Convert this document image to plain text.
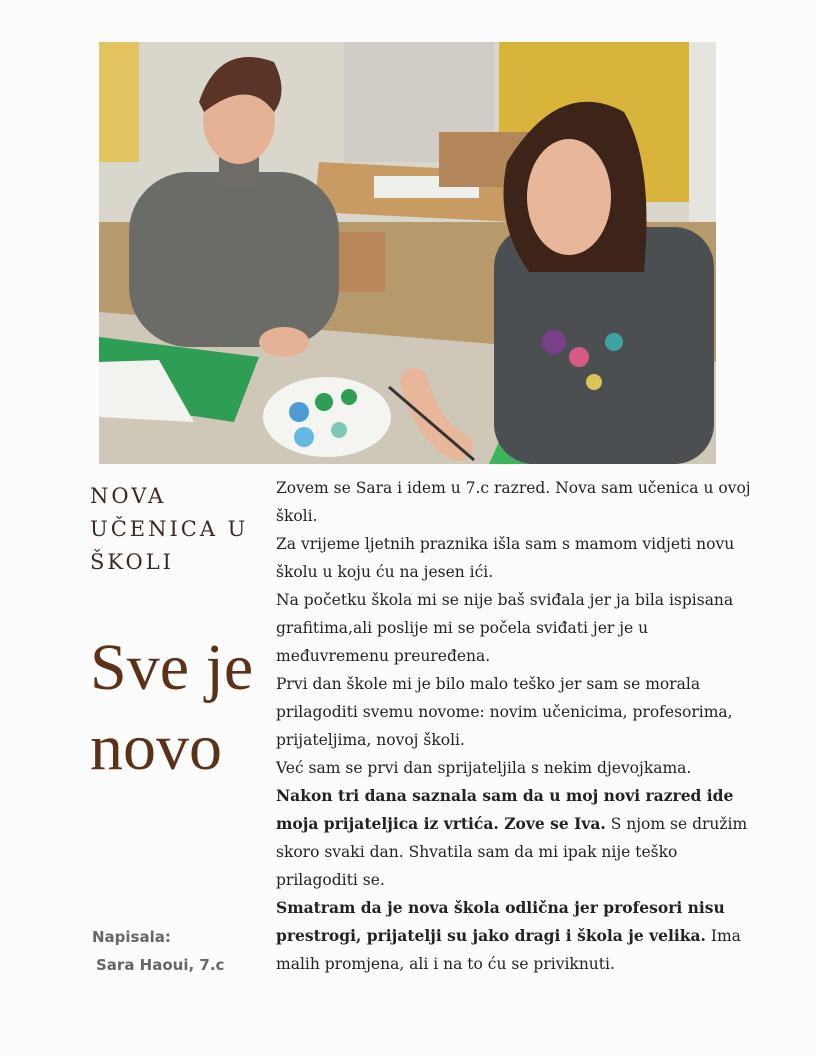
NOVA UČENICA U ŠKOLI
Sve je
novo
Napisala:
Sara Haoui, 7.c

Zovem se Sara i idem u 7.c razred. Nova sam učenica u ovoj školi.

Za vrijeme ljetnih praznika išla sam s mamom vidjeti novu školu u koju ću na jesen ići.

Na početku škola mi se nije baš sviđala jer ja bila ispisana grafitima,ali poslije mi se počela sviđati jer je u međuvremenu preuređena.

Prvi dan škole mi je bilo malo teško jer sam se morala prilagoditi svemu novome: novim učenicima, profesorima, prijateljima, novoj školi.

Već sam se prvi dan sprijateljila s nekim djevojkama.

Nakon tri dana saznala sam da u moj novi razred ide moja prijateljica iz vrtića. Zove se Iva. S njom se družim skoro svaki dan. Shvatila sam da mi ipak nije teško prilagoditi se.

Smatram da je nova škola odlična jer profesori nisu prestrogi, prijatelji su jako dragi i škola je velika. Ima malih promjena, ali i na to ću se priviknuti.
